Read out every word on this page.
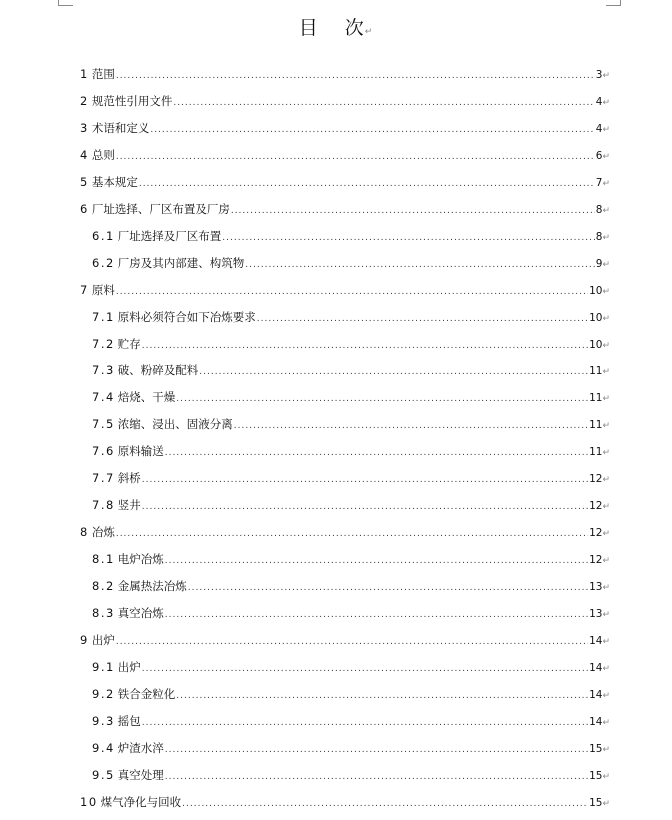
目 次↵
1 范围 .....	3 ↵
2 规范性引用文件 .....	4 ↵
3 术语和定义 .....	4 ↵
4 总则 .....	6 ↵
5 基本规定 .....	7 ↵
6 厂址选择、厂区布置及厂房 .....	8 ↵
6.1 厂址选择及厂区布置 .....	8 ↵
6.2 厂房及其内部建、构筑物 .....	9 ↵
7 原料 .....	10 ↵
7.1 原料必须符合如下冶炼要求 .....	10 ↵
7.2 贮存 .....	10 ↵
7.3 破、粉碎及配料 .....	11 ↵
7.4 焙烧、干燥 .....	11 ↵
7.5 浓缩、浸出、固液分离 .....	11 ↵
7.6 原料输送 .....	11 ↵
7.7 斜桥 .....	12 ↵
7.8 竖井 .....	12 ↵
8 冶炼 .....	12 ↵
8.1 电炉冶炼 .....	12 ↵
8.2 金属热法冶炼 .....	13 ↵
8.3 真空冶炼 .....	13 ↵
9 出炉 .....	14 ↵
9.1 出炉 .....	14 ↵
9.2 铁合金粒化 .....	14 ↵
9.3 摇包 .....	14 ↵
9.4 炉渣水淬 .....	15 ↵
9.5 真空处理 .....	15 ↵
10 煤气净化与回收 .....	15 ↵
